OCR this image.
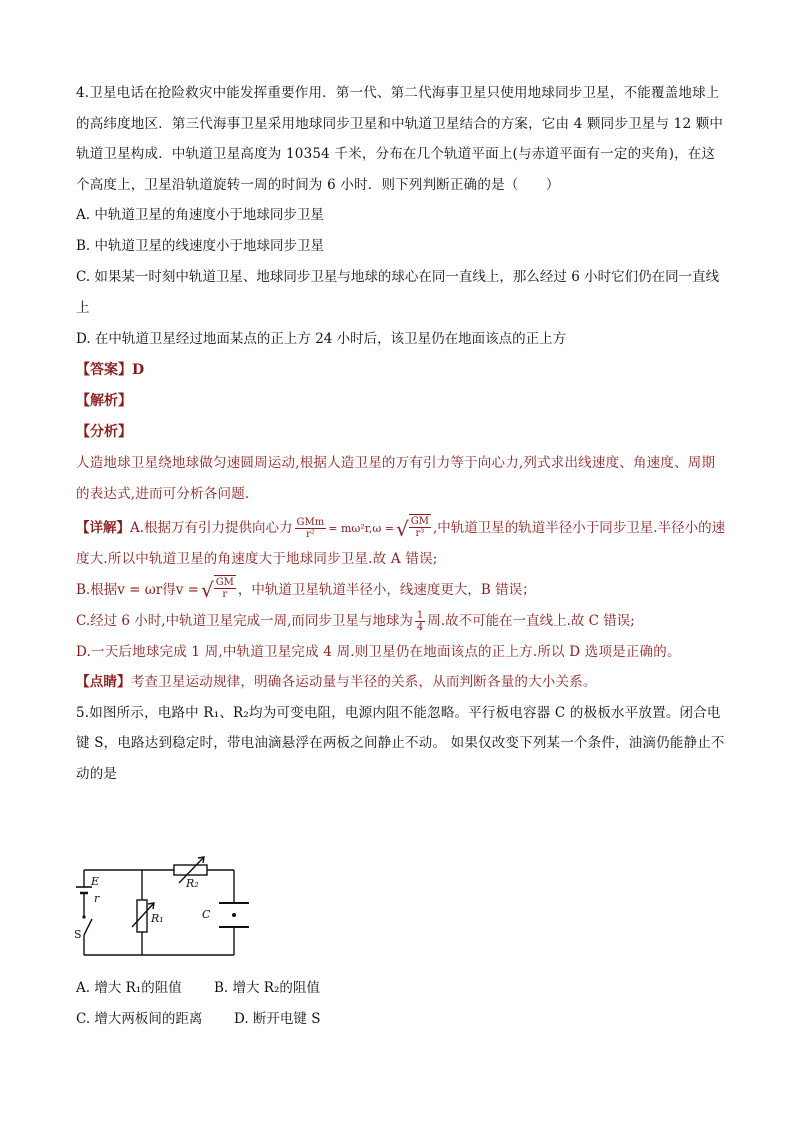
4.卫星电话在抢险救灾中能发挥重要作用．第一代、第二代海事卫星只使用地球同步卫星，不能覆盖地球上的高纬度地区．第三代海事卫星采用地球同步卫星和中轨道卫星结合的方案，它由 4 颗同步卫星与 12 颗中轨道卫星构成．中轨道卫星高度为 10354 千米，分布在几个轨道平面上(与赤道平面有一定的夹角)，在这个高度上，卫星沿轨道旋转一周的时间为 6 小时．则下列判断正确的是（　　）

A. 中轨道卫星的角速度小于地球同步卫星

B. 中轨道卫星的线速度小于地球同步卫星

C. 如果某一时刻中轨道卫星、地球同步卫星与地球的球心在同一直线上，那么经过 6 小时它们仍在同一直线上

D. 在中轨道卫星经过地面某点的正上方 24 小时后，该卫星仍在地面该点的正上方

【答案】D

【解析】

【分析】

人造地球卫星绕地球做匀速圆周运动,根据人造卫星的万有引力等于向心力,列式求出线速度、角速度、周期的表达式,进而可分析各问题.

【详解】 A.根据万有引力提供向心力 $\frac{\text{GMm}}{\text{r²}} = m\omega^2r,\omega$ = √ $\frac{GM}{\text{r³}}$ ,中轨道卫星的轨道半径小于同步卫星.半径小的速

度大.所以中轨道卫星的角速度大于地球同步卫星.故 A 错误;

B.根据v = ωr得v = √ $\frac{GM}{r}$ ，中轨道卫星轨道半径小，线速度更大，B 错误；
C.经过 6 小时,中轨道卫星完成一周,而同步卫星与地球为 $\frac{1}{4}$ 周.故不可能在一直线上.故 C 错误;

D.一天后地球完成 1 周,中轨道卫星完成 4 周.则卫星仍在地面该点的正上方.所以 D 选项是正确的。

【点睛】考查卫星运动规律，明确各运动量与半径的关系，从而判断各量的大小关系。

5.如图所示，电路中 R₁、R₂均为可变电阻，电源内阻不能忽略。平行板电容器 C 的极板水平放置。闭合电键 S，电路达到稳定时，带电油滴悬浮在两板之间静止不动。 如果仅改变下列某一个条件，油滴仍能静止不动的是

E
r
R₂
R₁	C
S
A. 增大 R₁的阻值	B. 增大 R₂的阻值
C. 增大两板间的距离	D. 断开电键 S
